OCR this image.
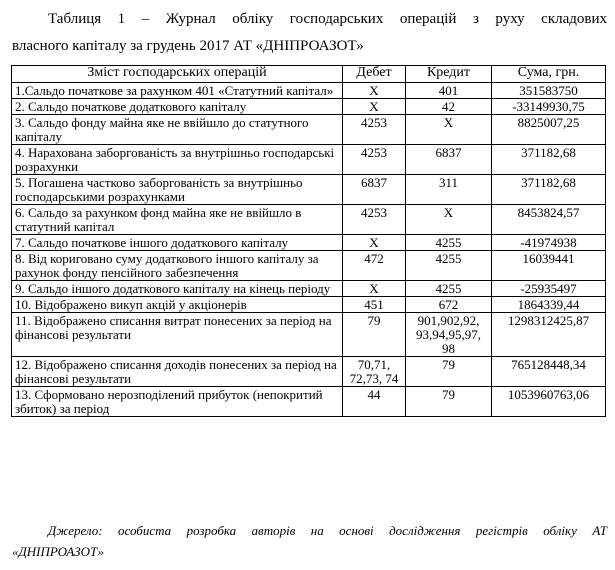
Таблиця 1 – Журнал обліку господарських операцій з руху складових
власного капіталу за грудень 2017 АТ «ДНІПРОАЗОТ»
Зміст господарських операцій	Дебет	Кредит	Сума, грн.
1.Сальдо початкове за рахунком 401 «Статутний капітал»	Х	401	351583750
2. Сальдо початкове додаткового капіталу	Х	42	-33149930,75
3. Сальдо фонду майна яке не ввійшло до статутного капіталу	4253	Х	8825007,25
4. Нарахована заборгованість за внутрішньо господарські розрахунки	4253	6837	371182,68
5. Погашена частково заборгованість за внутрішньо господарськими розрахунками	6837	311	371182,68
6. Сальдо за рахунком фонд майна яке не ввійшло в статутний капітал	4253	Х	8453824,57
7. Сальдо початкове іншого додаткового капіталу	Х	4255	-41974938
8. Від кориговано суму додаткового іншого капіталу за рахунок фонду пенсійного забезпечення	472	4255	16039441
9. Сальдо іншого додаткового капіталу на кінець періоду	Х	4255	-25935497
10. Відображено викуп акцій у акціонерів	451	672	1864339,44
11. Відображено списання витрат понесених за період на фінансові результати	79	901,902,92, 93,94,95,97, 98	1298312425,87
12. Відображено списання доходів понесених за період на фінансові результати	70,71, 72,73, 74	79	765128448,34
13. Сформовано нерозподілений прибуток (непокритий збиток) за період	44	79	1053960763,06
Джерело: особиста розробка авторів на основі дослідження регістрів обліку АТ
«ДНІПРОАЗОТ»
